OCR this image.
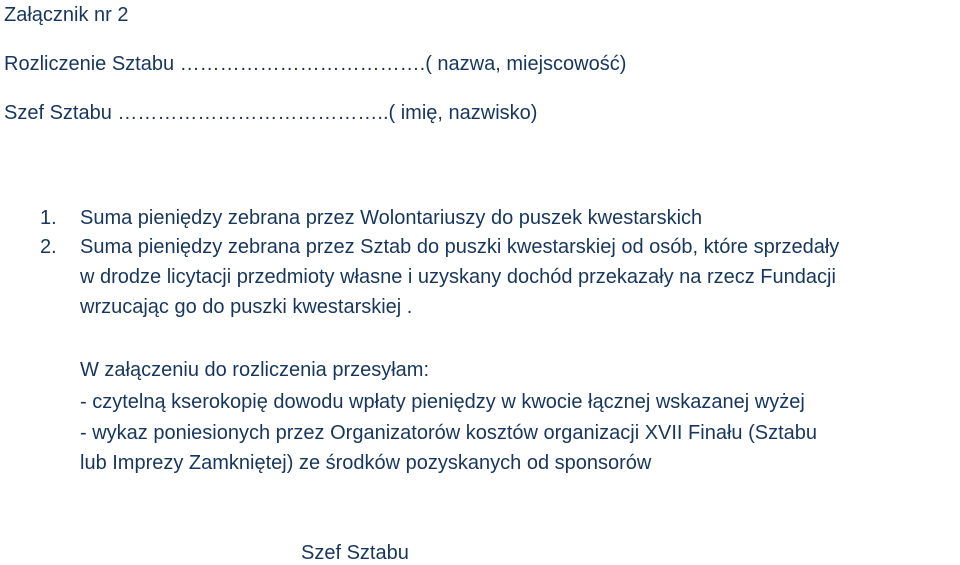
Załącznik nr 2
Rozliczenie Sztabu ……………………………….( nazwa, miejscowość)
Szef Sztabu …………………………………..( imię, nazwisko)
1. Suma pieniędzy zebrana przez Wolontariuszy do puszek kwestarskich
2. Suma pieniędzy zebrana przez Sztab do puszki kwestarskiej od osób, które sprzedały
w drodze licytacji przedmioty własne i uzyskany dochód przekazały na rzecz Fundacji
wrzucając go do puszki kwestarskiej .
W załączeniu do rozliczenia przesyłam:
- czytelną kserokopię dowodu wpłaty pieniędzy w kwocie łącznej wskazanej wyżej
- wykaz poniesionych przez Organizatorów kosztów organizacji XVII Finału (Sztabu
lub Imprezy Zamkniętej) ze środków pozyskanych od sponsorów
Szef Sztabu
